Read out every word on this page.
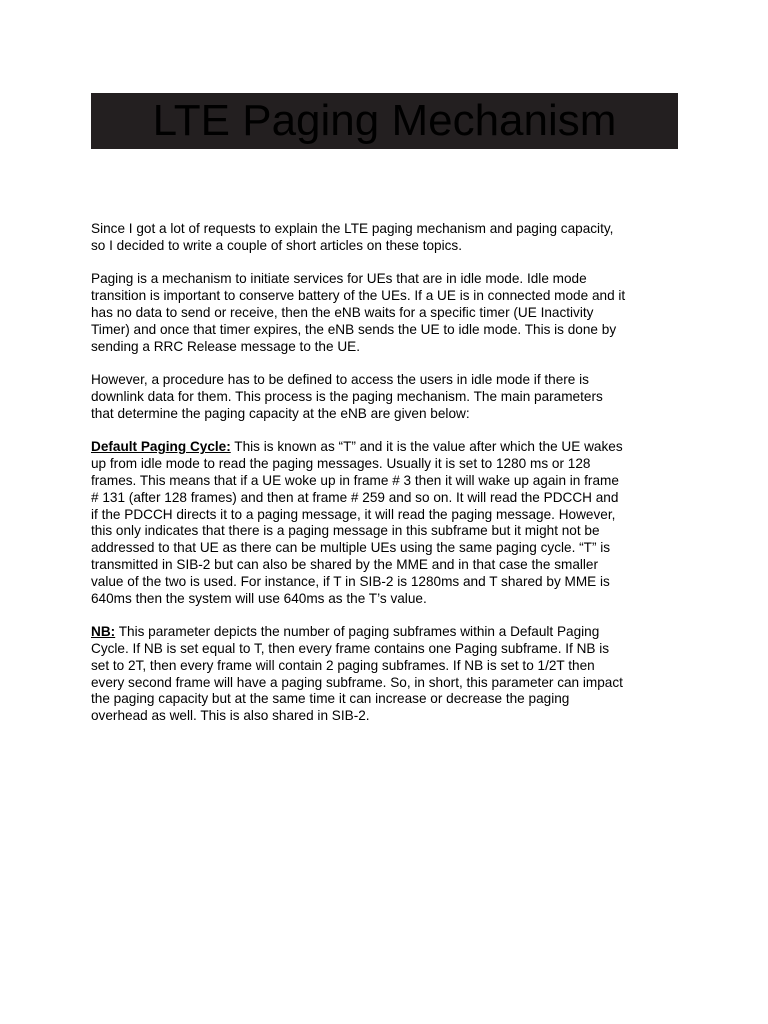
LTE Paging Mechanism

Since I got a lot of requests to explain the LTE paging mechanism and paging capacity,
so I decided to write a couple of short articles on these topics.

Paging is a mechanism to initiate services for UEs that are in idle mode. Idle mode
transition is important to conserve battery of the UEs. If a UE is in connected mode and it
has no data to send or receive, then the eNB waits for a specific timer (UE Inactivity
Timer) and once that timer expires, the eNB sends the UE to idle mode. This is done by
sending a RRC Release message to the UE.

However, a procedure has to be defined to access the users in idle mode if there is
downlink data for them. This process is the paging mechanism. The main parameters
that determine the paging capacity at the eNB are given below:

Default Paging Cycle: This is known as “T” and it is the value after which the UE wakes
up from idle mode to read the paging messages. Usually it is set to 1280 ms or 128
frames. This means that if a UE woke up in frame # 3 then it will wake up again in frame
# 131 (after 128 frames) and then at frame # 259 and so on. It will read the PDCCH and
if the PDCCH directs it to a paging message, it will read the paging message. However,
this only indicates that there is a paging message in this subframe but it might not be
addressed to that UE as there can be multiple UEs using the same paging cycle. “T” is
transmitted in SIB-2 but can also be shared by the MME and in that case the smaller
value of the two is used. For instance, if T in SIB-2 is 1280ms and T shared by MME is
640ms then the system will use 640ms as the T’s value.

NB: This parameter depicts the number of paging subframes within a Default Paging
Cycle. If NB is set equal to T, then every frame contains one Paging subframe. If NB is
set to 2T, then every frame will contain 2 paging subframes. If NB is set to 1/2T then
every second frame will have a paging subframe. So, in short, this parameter can impact
the paging capacity but at the same time it can increase or decrease the paging
overhead as well. This is also shared in SIB-2.
